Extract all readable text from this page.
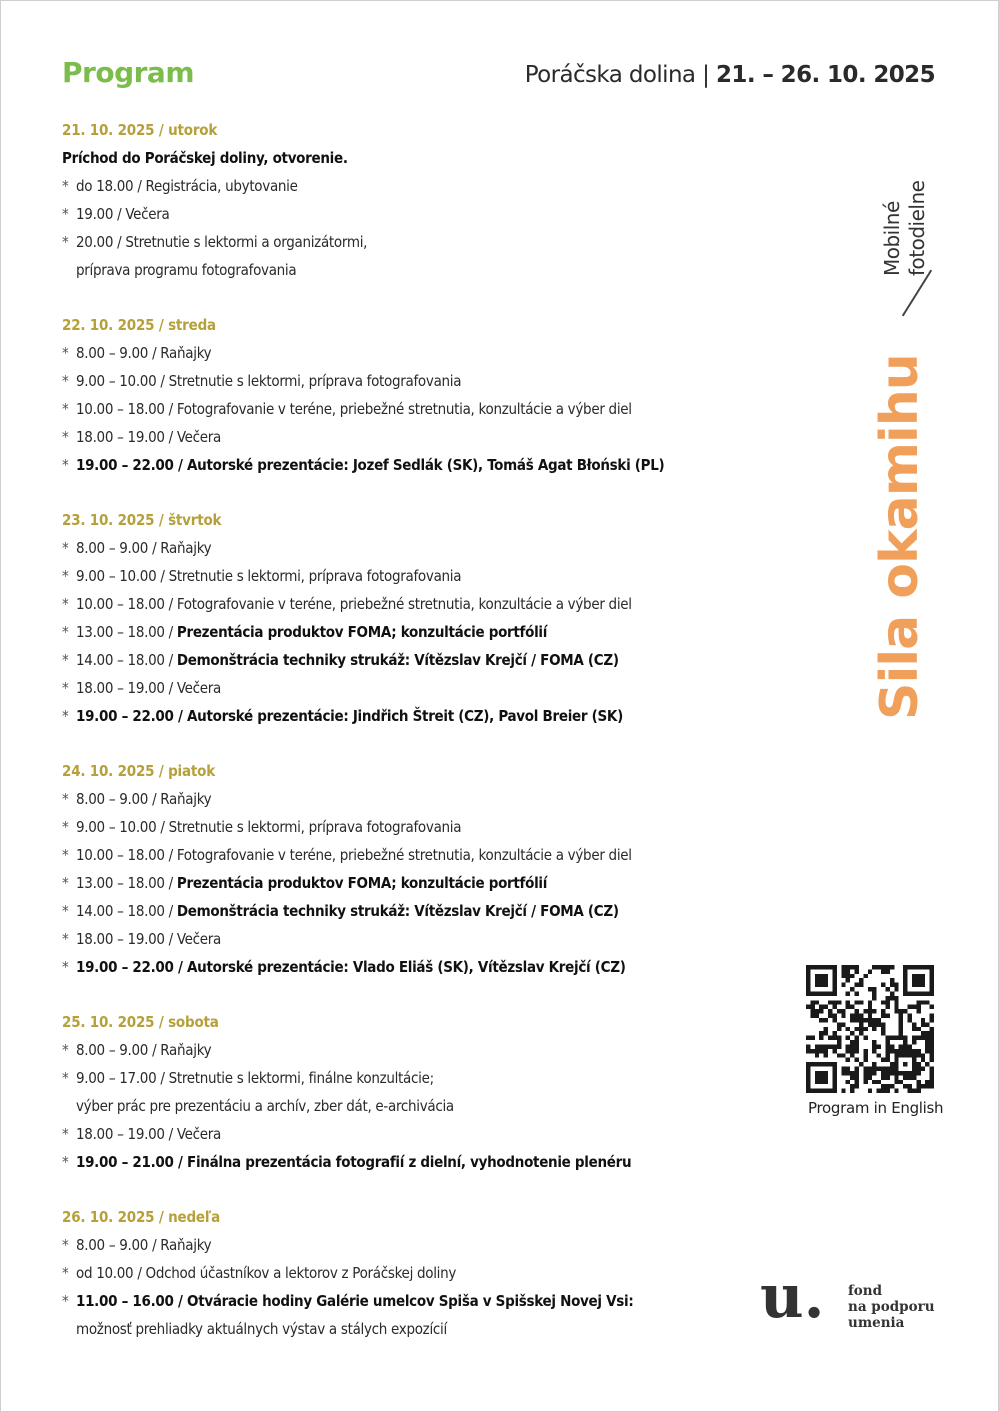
Program	Poráčska dolina | 21. – 26. 10. 2025
21. 10. 2025 / utorok
Príchod do Poráčskej doliny, otvorenie.
* do 18.00 / Registrácia, ubytovanie
* 19.00 / Večera
* 20.00 / Stretnutie s lektormi a organizátormi,
príprava programu fotografovania
22. 10. 2025 / streda
* 8.00 – 9.00 / Raňajky
* 9.00 – 10.00 / Stretnutie s lektormi, príprava fotografovania
* 10.00 – 18.00 / Fotografovanie v teréne, priebežné stretnutia, konzultácie a výber diel
* 18.00 – 19.00 / Večera
* 19.00 – 22.00 / Autorské prezentácie: Jozef Sedlák (SK), Tomáš Agat Błoński (PL)
23. 10. 2025 / štvrtok
* 8.00 – 9.00 / Raňajky
* 9.00 – 10.00 / Stretnutie s lektormi, príprava fotografovania
* 10.00 – 18.00 / Fotografovanie v teréne, priebežné stretnutia, konzultácie a výber diel
* 13.00 – 18.00 / Prezentácia produktov FOMA; konzultácie portfólií
* 14.00 – 18.00 / Demonštrácia techniky strukáž: Vítězslav Krejčí / FOMA (CZ)
* 18.00 – 19.00 / Večera
* 19.00 – 22.00 / Autorské prezentácie: Jindřich Štreit (CZ), Pavol Breier (SK)
24. 10. 2025 / piatok
* 8.00 – 9.00 / Raňajky
* 9.00 – 10.00 / Stretnutie s lektormi, príprava fotografovania
* 10.00 – 18.00 / Fotografovanie v teréne, priebežné stretnutia, konzultácie a výber diel
* 13.00 – 18.00 / Prezentácia produktov FOMA; konzultácie portfólií
* 14.00 – 18.00 / Demonštrácia techniky strukáž: Vítězslav Krejčí / FOMA (CZ)
* 18.00 – 19.00 / Večera
* 19.00 – 22.00 / Autorské prezentácie: Vlado Eliáš (SK), Vítězslav Krejčí (CZ)
25. 10. 2025 / sobota
* 8.00 – 9.00 / Raňajky
* 9.00 – 17.00 / Stretnutie s lektormi, finálne konzultácie;
výber prác pre prezentáciu a archív, zber dát, e-archivácia
* 18.00 – 19.00 / Večera
* 19.00 – 21.00 / Finálna prezentácia fotografií z dielní, vyhodnotenie plenéru
26. 10. 2025 / nedeľa
* 8.00 – 9.00 / Raňajky
* od 10.00 / Odchod účastníkov a lektorov z Poráčskej doliny
* 11.00 – 16.00 / Otváracie hodiny Galérie umelcov Spiša v Spišskej Novej Vsi:
možnosť prehliadky aktuálnych výstav a stálych expozícií
Sila okamihu
Mobilné fotodielne
Program in English
u. fond
na podporu
umenia
